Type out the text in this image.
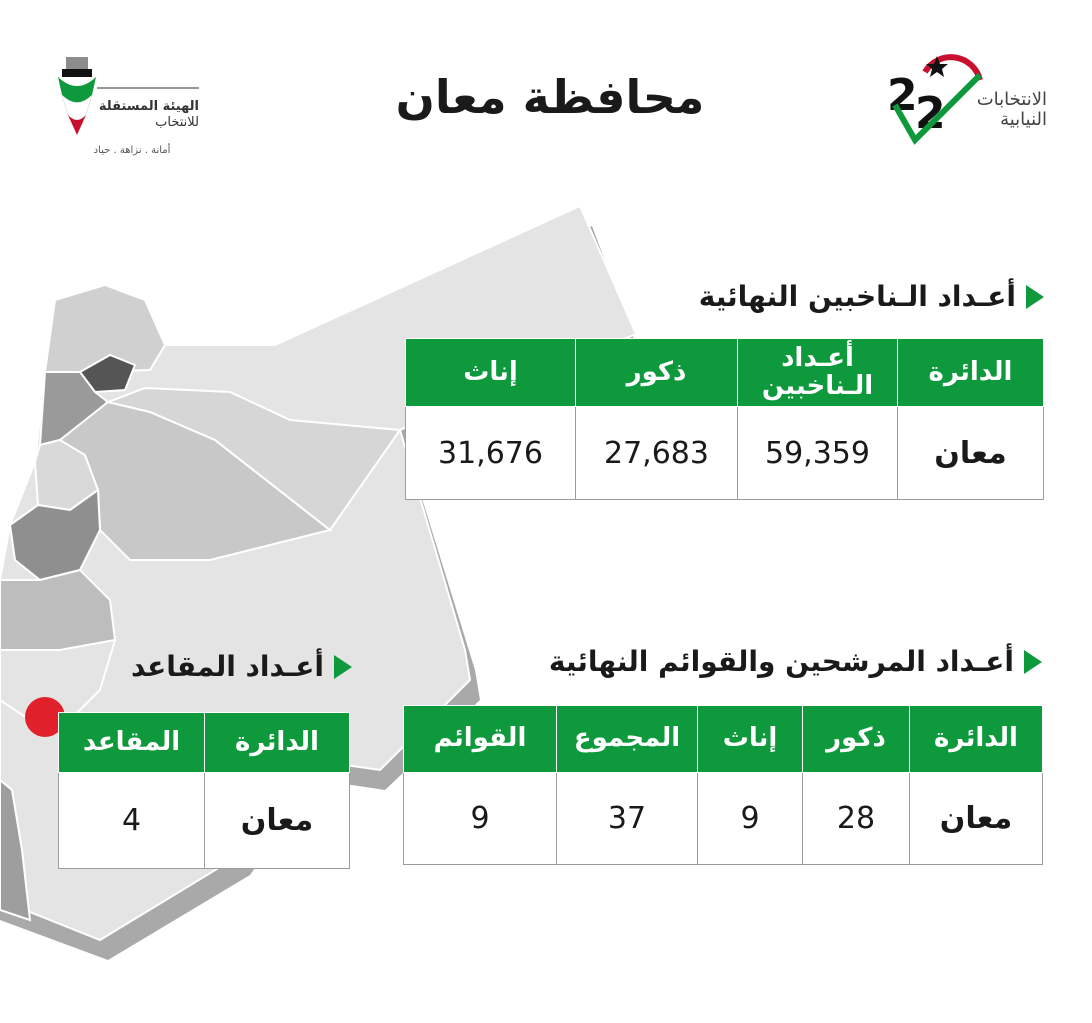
الهيئة المستقلة
للانتخاب
أمانة . نزاهة . حياد
محافظة معان	2
2	الانتخابات
النيابية
أعـداد الـناخبين النهائية
الدائرة	أعـداد الـناخبين	ذكور	إناث
معان	59,359	27,683	31,676
أعـداد المرشحين والقوائم النهائية
الدائرة	ذكور	إناث	المجموع	القوائم
معان	28	9	37	9
أعـداد المقاعد
الدائرة	المقاعد
معان	4
